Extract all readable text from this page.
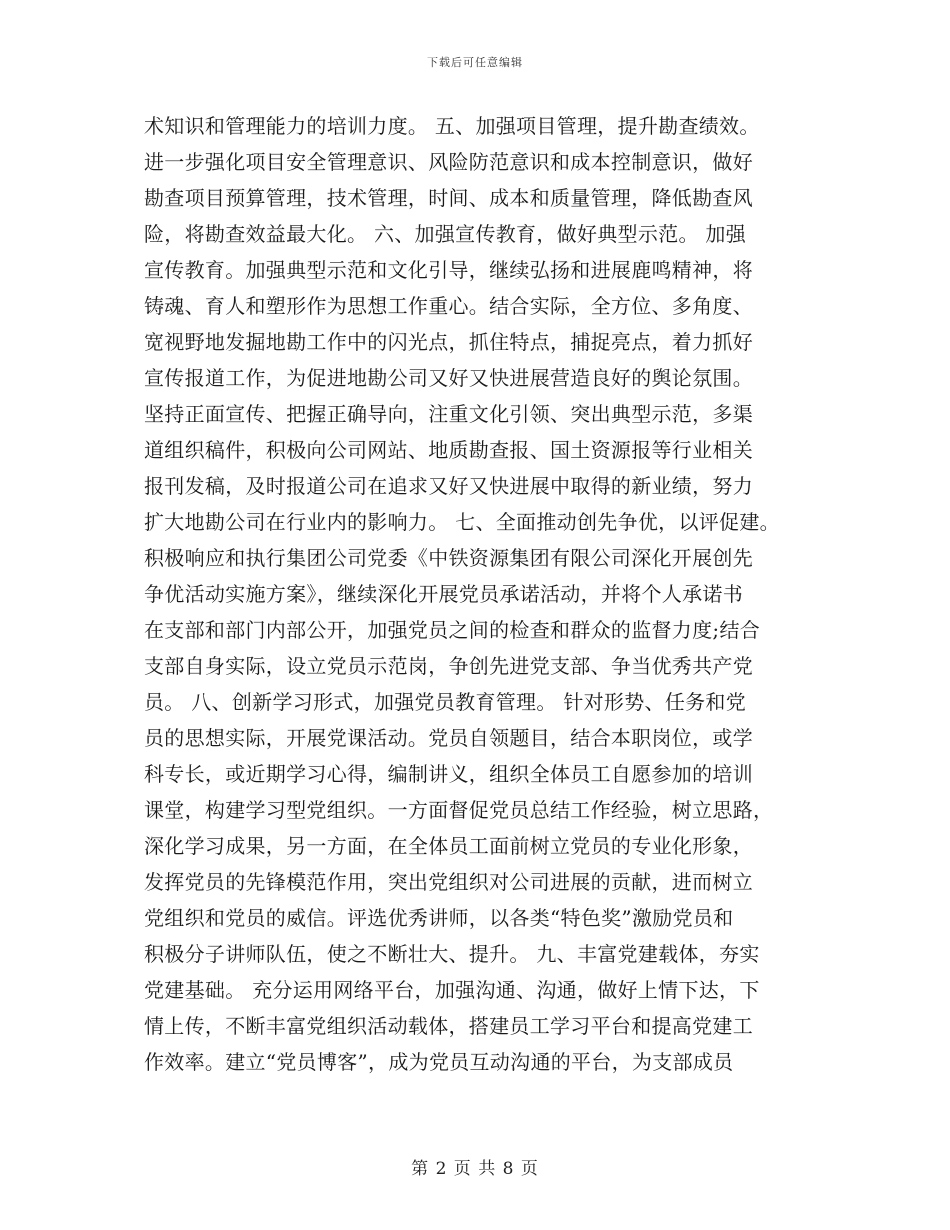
下载后可任意编辑
术知识和管理能力的培训力度。 五、加强项目管理，提升勘查绩效。
进一步强化项目安全管理意识、风险防范意识和成本控制意识，做好
勘查项目预算管理，技术管理，时间、成本和质量管理，降低勘查风
险，将勘查效益最大化。 六、加强宣传教育，做好典型示范。 加强
宣传教育。加强典型示范和文化引导，继续弘扬和进展鹿鸣精神，将
铸魂、育人和塑形作为思想工作重心。结合实际，全方位、多角度、
宽视野地发掘地勘工作中的闪光点，抓住特点，捕捉亮点，着力抓好
宣传报道工作，为促进地勘公司又好又快进展营造良好的舆论氛围。
坚持正面宣传、把握正确导向，注重文化引领、突出典型示范，多渠
道组织稿件，积极向公司网站、地质勘查报、国土资源报等行业相关
报刊发稿，及时报道公司在追求又好又快进展中取得的新业绩，努力
扩大地勘公司在行业内的影响力。 七、全面推动创先争优，以评促建。
积极响应和执行集团公司党委《中铁资源集团有限公司深化开展创先
争优活动实施方案》，继续深化开展党员承诺活动，并将个人承诺书
在支部和部门内部公开，加强党员之间的检查和群众的监督力度;结合
支部自身实际，设立党员示范岗，争创先进党支部、争当优秀共产党
员。 八、创新学习形式，加强党员教育管理。 针对形势、任务和党
员的思想实际，开展党课活动。党员自领题目，结合本职岗位，或学
科专长，或近期学习心得，编制讲义，组织全体员工自愿参加的培训
课堂，构建学习型党组织。一方面督促党员总结工作经验，树立思路，
深化学习成果，另一方面，在全体员工面前树立党员的专业化形象，
发挥党员的先锋模范作用，突出党组织对公司进展的贡献，进而树立
党组织和党员的威信。评选优秀讲师，以各类“特色奖”激励党员和
积极分子讲师队伍，使之不断壮大、提升。 九、丰富党建载体，夯实
党建基础。 充分运用网络平台，加强沟通、沟通，做好上情下达，下
情上传，不断丰富党组织活动载体，搭建员工学习平台和提高党建工
作效率。建立“党员博客”，成为党员互动沟通的平台，为支部成员
第 2 页 共 8 页
